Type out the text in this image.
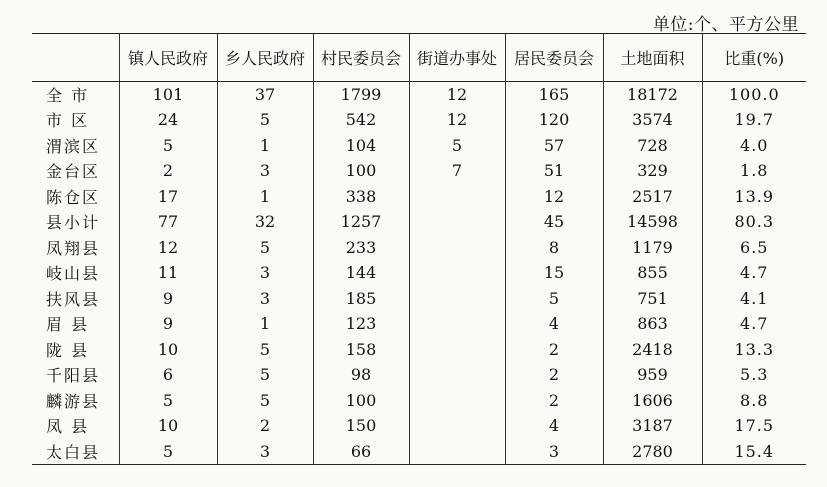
单位:个、平方公里
	镇人民政府	乡人民政府	村民委员会	街道办事处	居民委员会	土地面积	比重(%)
全 市	101	37	1799	12	165	18172	100.0
市 区	24	5	542	12	120	3574	19.7
渭滨区	5	1	104	5	57	728	4.0
金台区	2	3	100	7	51	329	1.8
陈仓区	17	1	338		12	2517	13.9
县小计	77	32	1257		45	14598	80.3
凤翔县	12	5	233		8	1179	6.5
岐山县	11	3	144		15	855	4.7
扶风县	9	3	185		5	751	4.1
眉 县	9	1	123		4	863	4.7
陇 县	10	5	158		2	2418	13.3
千阳县	6	5	98		2	959	5.3
麟游县	5	5	100		2	1606	8.8
凤 县	10	2	150		4	3187	17.5
太白县	5	3	66		3	2780	15.4
